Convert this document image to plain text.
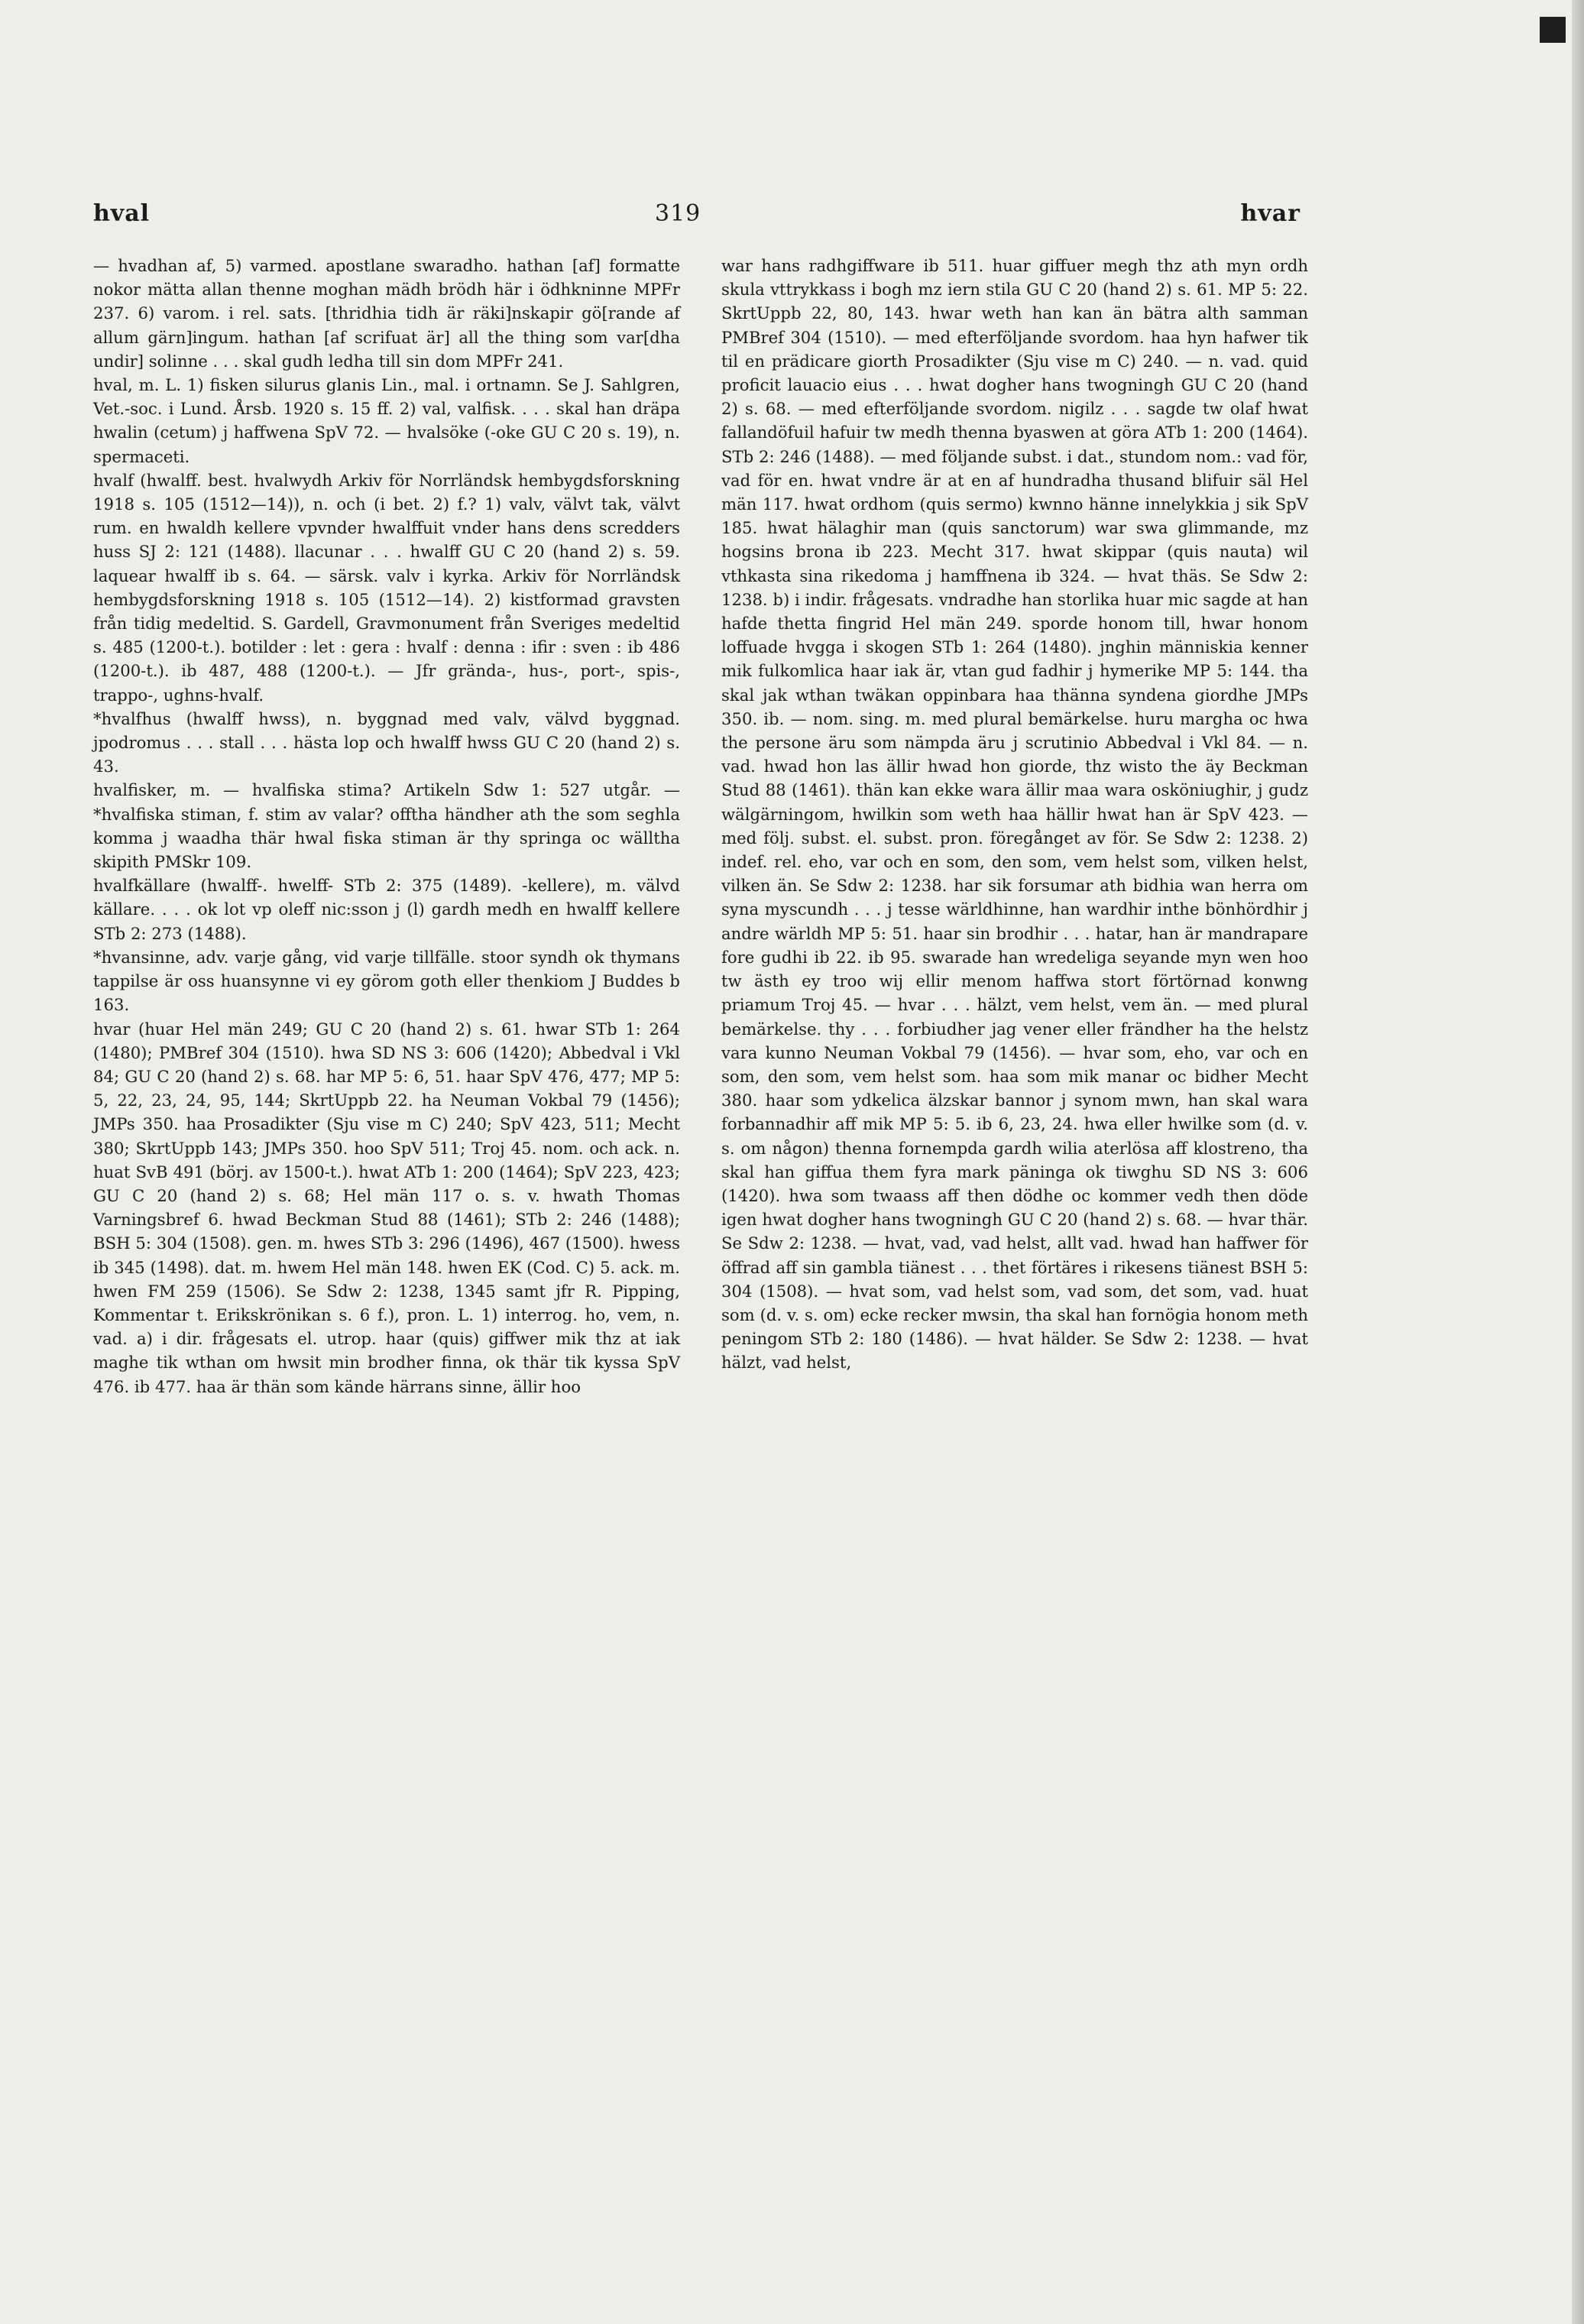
hval	319	hvar

— hvadhan af, 5) varmed. apostlane swaradho. hathan [af] formatte nokor mätta allan thenne moghan mädh brödh här i ödhkninne MPFr 237. 6) varom. i rel. sats. [thridhia tidh är räki]nskapir gö[rande af allum gärn]ingum. hathan [af scrifuat är] all the thing som var[dha undir] solinne . . . skal gudh ledha till sin dom MPFr 241.

hval, m. L. 1) fisken silurus glanis Lin., mal. i ortnamn. Se J. Sahlgren, Vet.-soc. i Lund. Årsb. 1920 s. 15 ff. 2) val, valfisk. . . . skal han dräpa hwalin (cetum) j haffwena SpV 72. — hvalsöke (-oke GU C 20 s. 19), n. spermaceti.

hvalf (hwalff. best. hvalwydh Arkiv för Norrländsk hembygdsforskning 1918 s. 105 (1512—14)), n. och (i bet. 2) f.? 1) valv, välvt tak, välvt rum. en hwaldh kellere vpvnder hwalffuit vnder hans dens scredders huss SJ 2: 121 (1488). llacunar . . . hwalff GU C 20 (hand 2) s. 59. laquear hwalff ib s. 64. — särsk. valv i kyrka. Arkiv för Norrländsk hembygdsforskning 1918 s. 105 (1512—14). 2) kistformad gravsten från tidig medeltid. S. Gardell, Gravmonument från Sveriges medeltid s. 485 (1200-t.). botilder : let : gera : hvalf : denna : ifir : sven : ib 486 (1200-t.). ib 487, 488 (1200-t.). — Jfr grända-, hus-, port-, spis-, trappo-, ughns-hvalf.

*hvalfhus (hwalff hwss), n. byggnad med valv, välvd byggnad. jpodromus . . . stall . . . hästa lop och hwalff hwss GU C 20 (hand 2) s. 43.

hvalfisker, m. — hvalfiska stima? Artikeln Sdw 1: 527 utgår. — *hvalfiska stiman, f. stim av valar? offtha händher ath the som seghla komma j waadha thär hwal fiska stiman är thy springa oc wälltha skipith PMSkr 109.

hvalfkällare (hwalff-. hwelff- STb 2: 375 (1489). -kellere), m. välvd källare. . . . ok lot vp oleff nic:sson j (l) gardh medh en hwalff kellere STb 2: 273 (1488).

*hvansinne, adv. varje gång, vid varje tillfälle. stoor syndh ok thymans tappilse är oss huansynne vi ey görom goth eller thenkiom J Buddes b 163.

hvar (huar Hel män 249; GU C 20 (hand 2) s. 61. hwar STb 1: 264 (1480); PMBref 304 (1510). hwa SD NS 3: 606 (1420); Abbedval i Vkl 84; GU C 20 (hand 2) s. 68. har MP 5: 6, 51. haar SpV 476, 477; MP 5: 5, 22, 23, 24, 95, 144; SkrtUppb 22. ha Neuman Vokbal 79 (1456); JMPs 350. haa Prosadikter (Sju vise m C) 240; SpV 423, 511; Mecht 380; SkrtUppb 143; JMPs 350. hoo SpV 511; Troj 45. nom. och ack. n. huat SvB 491 (börj. av 1500-t.). hwat ATb 1: 200 (1464); SpV 223, 423; GU C 20 (hand 2) s. 68; Hel män 117 o. s. v. hwath Thomas Varningsbref 6. hwad Beckman Stud 88 (1461); STb 2: 246 (1488); BSH 5: 304 (1508). gen. m. hwes STb 3: 296 (1496), 467 (1500). hwess ib 345 (1498). dat. m. hwem Hel män 148. hwen EK (Cod. C) 5. ack. m. hwen FM 259 (1506). Se Sdw 2: 1238, 1345 samt jfr R. Pipping, Kommentar t. Erikskrönikan s. 6 f.), pron. L. 1) interrog. ho, vem, n. vad. a) i dir. frågesats el. utrop. haar (quis) giffwer mik thz at iak maghe tik wthan om hwsit min brodher finna, ok thär tik kyssa SpV 476. ib 477. haa är thän som kände härrans sinne, ällir hoo

war hans radhgiffware ib 511. huar giffuer megh thz ath myn ordh skula vttrykkass i bogh mz iern stila GU C 20 (hand 2) s. 61. MP 5: 22. SkrtUppb 22, 80, 143. hwar weth han kan än bätra alth samman PMBref 304 (1510). — med efterföljande svordom. haa hyn hafwer tik til en prädicare giorth Prosadikter (Sju vise m C) 240. — n. vad. quid proficit lauacio eius . . . hwat dogher hans twogningh GU C 20 (hand 2) s. 68. — med efterföljande svordom. nigilz . . . sagde tw olaf hwat fallandöfuil hafuir tw medh thenna byaswen at göra ATb 1: 200 (1464). STb 2: 246 (1488). — med följande subst. i dat., stundom nom.: vad för, vad för en. hwat vndre är at en af hundradha thusand blifuir säl Hel män 117. hwat ordhom (quis sermo) kwnno hänne innelykkia j sik SpV 185. hwat hälaghir man (quis sanctorum) war swa glimmande, mz hogsins brona ib 223. Mecht 317. hwat skippar (quis nauta) wil vthkasta sina rikedoma j hamffnena ib 324. — hvat thäs. Se Sdw 2: 1238. b) i indir. frågesats. vndradhe han storlika huar mic sagde at han hafde thetta fingrid Hel män 249. sporde honom till, hwar honom loffuade hvgga i skogen STb 1: 264 (1480). jnghin människia kenner mik fulkomlica haar iak är, vtan gud fadhir j hymerike MP 5: 144. tha skal jak wthan twäkan oppinbara haa thänna syndena giordhe JMPs 350. ib. — nom. sing. m. med plural bemärkelse. huru margha oc hwa the persone äru som nämpda äru j scrutinio Abbedval i Vkl 84. — n. vad. hwad hon las ällir hwad hon giorde, thz wisto the äy Beckman Stud 88 (1461). thän kan ekke wara ällir maa wara osköniughir, j gudz wälgärningom, hwilkin som weth haa hällir hwat han är SpV 423. — med följ. subst. el. subst. pron. föregånget av för. Se Sdw 2: 1238. 2) indef. rel. eho, var och en som, den som, vem helst som, vilken helst, vilken än. Se Sdw 2: 1238. har sik forsumar ath bidhia wan herra om syna myscundh . . . j tesse wärldhinne, han wardhir inthe bönhördhir j andre wärldh MP 5: 51. haar sin brodhir . . . hatar, han är mandrapare fore gudhi ib 22. ib 95. swarade han wredeliga seyande myn wen hoo tw ästh ey troo wij ellir menom haffwa stort förtörnad konwng priamum Troj 45. — hvar . . . hälzt, vem helst, vem än. — med plural bemärkelse. thy . . . forbiudher jag vener eller frändher ha the helstz vara kunno Neuman Vokbal 79 (1456). — hvar som, eho, var och en som, den som, vem helst som. haa som mik manar oc bidher Mecht 380. haar som ydkelica älzskar bannor j synom mwn, han skal wara forbannadhir aff mik MP 5: 5. ib 6, 23, 24. hwa eller hwilke som (d. v. s. om någon) thenna fornempda gardh wilia aterlösa aff klostreno, tha skal han giffua them fyra mark päninga ok tiwghu SD NS 3: 606 (1420). hwa som twaass aff then dödhe oc kommer vedh then döde igen hwat dogher hans twogningh GU C 20 (hand 2) s. 68. — hvar thär. Se Sdw 2: 1238. — hvat, vad, vad helst, allt vad. hwad han haffwer för öffrad aff sin gambla tiänest . . . thet förtäres i rikesens tiänest BSH 5: 304 (1508). — hvat som, vad helst som, vad som, det som, vad. huat som (d. v. s. om) ecke recker mwsin, tha skal han fornögia honom meth peningom STb 2: 180 (1486). — hvat hälder. Se Sdw 2: 1238. — hvat hälzt, vad helst,
